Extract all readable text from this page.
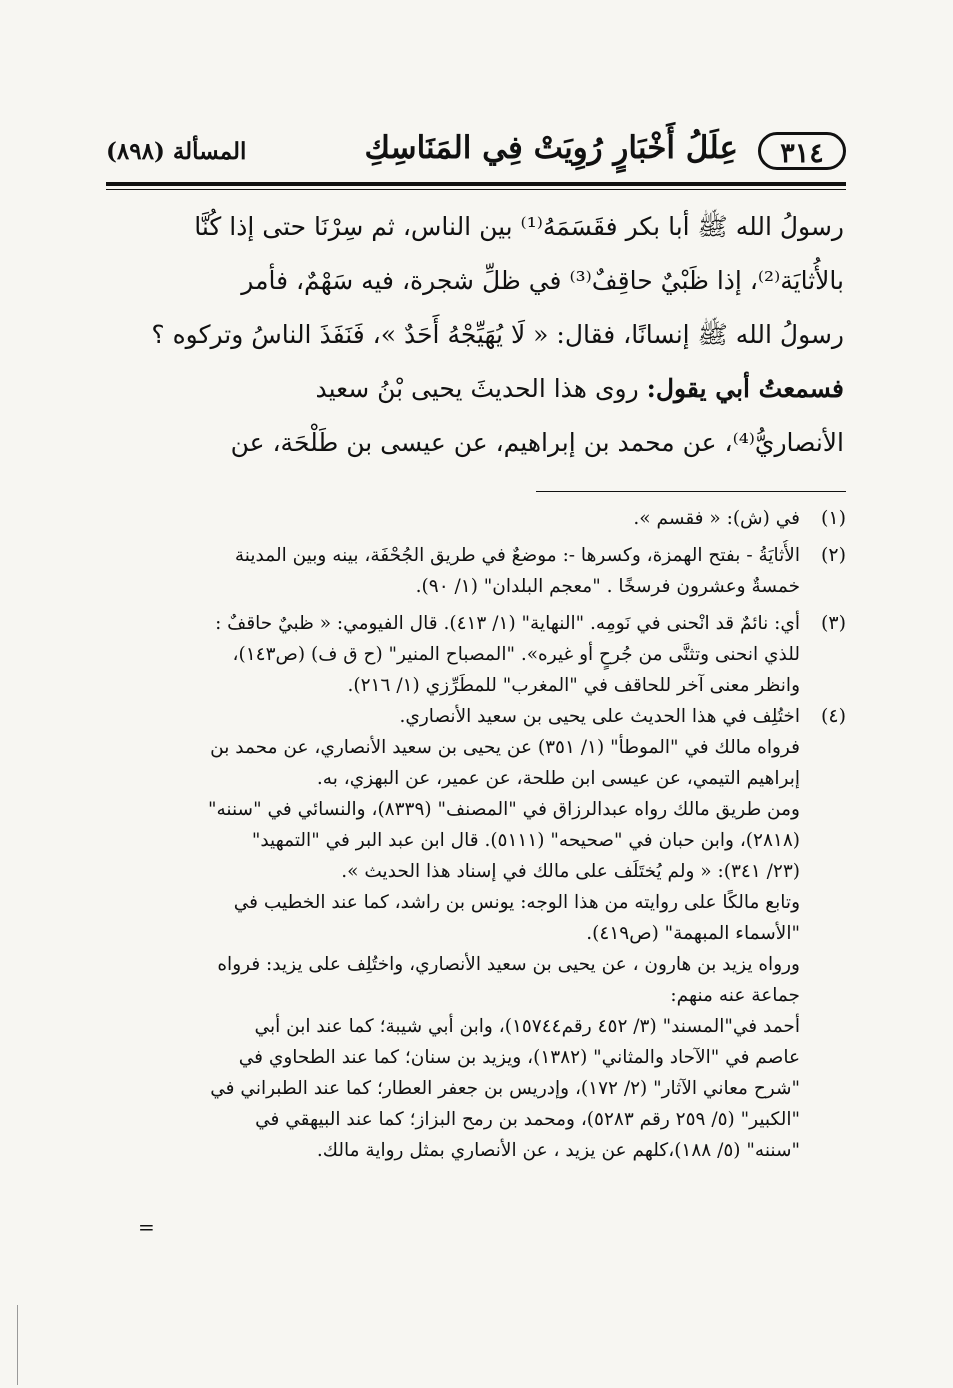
٣١٤
عِلَلُ أَخْبَارٍ رُوِيَتْ فِي المَنَاسِكِ
المسألة (٨٩٨)
رسولُ الله ﷺ أبا بكر فقَسَمَهُ⁽¹⁾ بين الناس، ثم سِرْنَا حتى إذا كُنَّا
بالأُثايَة⁽²⁾، إذا ظَبْيٌ حاقِفٌ⁽³⁾ في ظلِّ شجرة، فيه سَهْمٌ، فأمر
رسولُ الله ﷺ إنسانًا، فقال: « لَا يُهَيِّجْهُ أَحَدٌ »، فَنَفَذَ الناسُ وتركوه ؟
فسمعتُ أبي يقول: روى هذا الحديثَ يحيى بْنُ سعيد
الأنصاريُّ⁽⁴⁾، عن محمد بن إبراهيم، عن عيسى بن طَلْحَة، عن
(١)
في (ش): « فقسم ».
(٢)
الأُثايَةُ - بفتح الهمزة، وكسرها -: موضعٌ في طريق الجُحْفَة، بينه وبين المدينة
خمسةٌ وعشرون فرسخًا . "معجم البلدان" (١/ ٩٠).
(٣)
أي: نائمٌ قد انْحنى في نَومِه. "النهاية" (١/ ٤١٣). قال الفيومي: « ظبيٌ حاقفٌ :
للذي انحنى وتثنَّى من جُرحٍ أو غيره». "المصباح المنير" (ح ق ف) (ص١٤٣)،
وانظر معنى آخر للحاقف في "المغرب" للمطَرِّزي (١/ ٢١٦).
(٤)
اختُلِف في هذا الحديث على يحيى بن سعيد الأنصاري.
فرواه مالك في "الموطأ" (١/ ٣٥١) عن يحيى بن سعيد الأنصاري، عن محمد بن
إبراهيم التيمي، عن عيسى ابن طلحة، عن عمير، عن البهزي، به.
ومن طريق مالك رواه عبدالرزاق في "المصنف" (٨٣٣٩)، والنسائي في "سننه"
(٢٨١٨)، وابن حبان في "صحيحه" (٥١١١). قال ابن عبد البر في "التمهيد"
(٢٣/ ٣٤١): « ولم يُختَلَف على مالك في إسناد هذا الحديث ».
وتابع مالكًا على روايته من هذا الوجه: يونس بن راشد، كما عند الخطيب في
"الأسماء المبهمة" (ص٤١٩).
ورواه يزيد بن هارون ، عن يحيى بن سعيد الأنصاري، واختُلِف على يزيد: فرواه
جماعة عنه منهم:
أحمد في"المسند" (٣/ ٤٥٢ رقم١٥٧٤٤)، وابن أبي شيبة؛ كما عند ابن أبي
عاصم في "الآحاد والمثاني" (١٣٨٢)، ويزيد بن سنان؛ كما عند الطحاوي في
"شرح معاني الآثار" (٢/ ١٧٢)، وإدريس بن جعفر العطار؛ كما عند الطبراني في
"الكبير" (٥/ ٢٥٩ رقم ٥٢٨٣)، ومحمد بن رمح البزاز؛ كما عند البيهقي في
"سننه" (٥/ ١٨٨)،كلهم عن يزيد ، عن الأنصاري بمثل رواية مالك.
=
